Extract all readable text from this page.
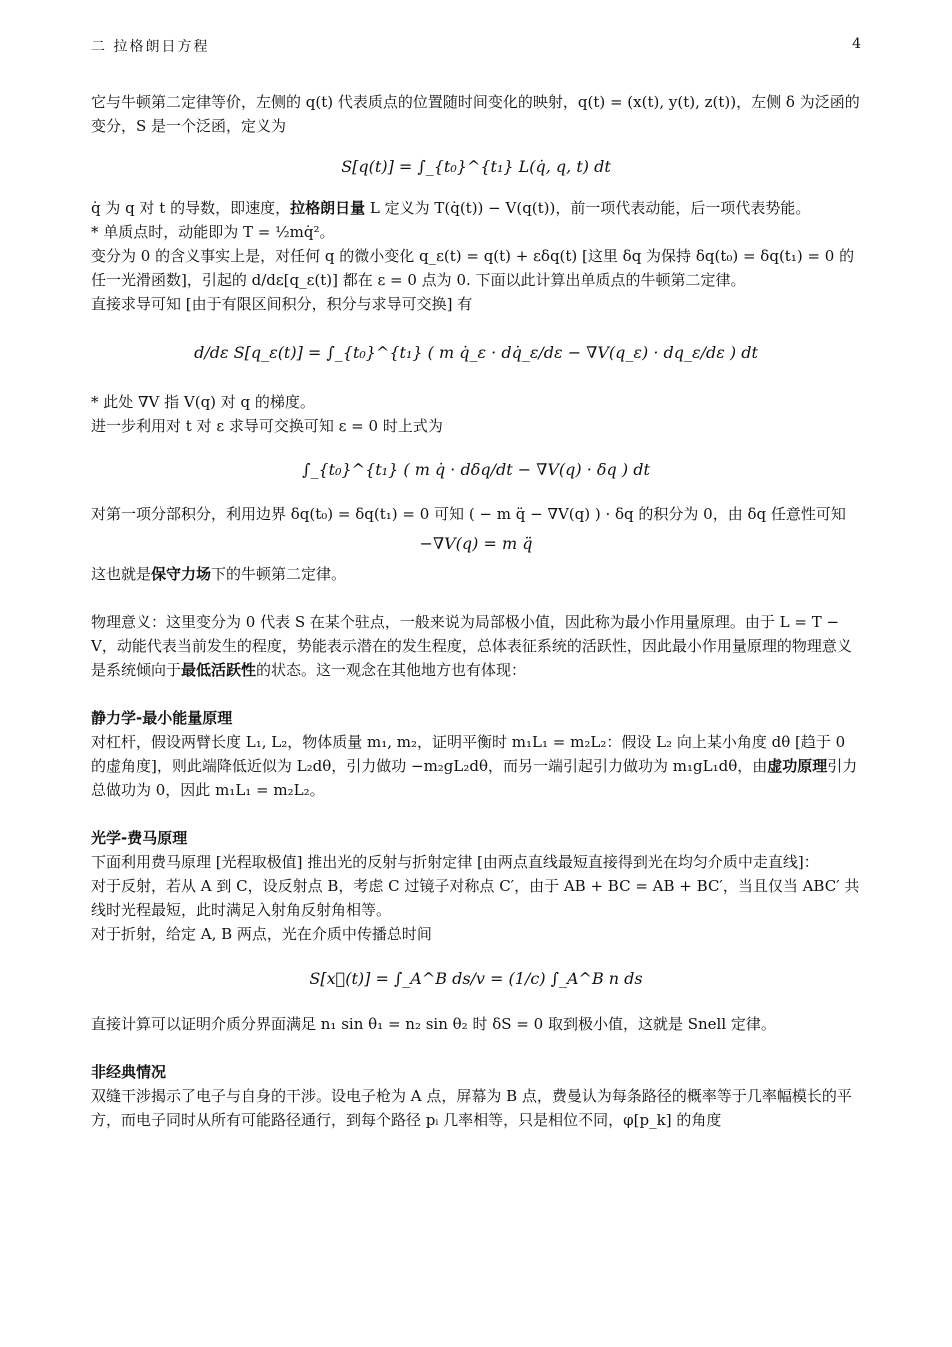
二 拉格朗日方程	4

它与牛顿第二定律等价，左侧的 q(t) 代表质点的位置随时间变化的映射，q(t) = (x(t), y(t), z(t))，左侧 δ 为泛函的变分，S 是一个泛函，定义为

S[q(t)] = ∫_{t₀}^{t₁} L(q̇, q, t) dt

q̇ 为 q 对 t 的导数，即速度，拉格朗日量 L 定义为 T(q̇(t)) − V(q(t))，前一项代表动能，后一项代表势能。

* 单质点时，动能即为 T = ½mq̇²。

变分为 0 的含义事实上是，对任何 q 的微小变化 q_ε(t) = q(t) + εδq(t) [这里 δq 为保持 δq(t₀) = δq(t₁) = 0 的任一光滑函数]，引起的 d/dε[q_ε(t)] 都在 ε = 0 点为 0. 下面以此计算出单质点的牛顿第二定律。

直接求导可知 [由于有限区间积分，积分与求导可交换] 有

d/dε S[q_ε(t)] = ∫_{t₀}^{t₁} ( m q̇_ε · dq̇_ε/dε − ∇V(q_ε) · dq_ε/dε ) dt

* 此处 ∇V 指 V(q) 对 q 的梯度。

进一步利用对 t 对 ε 求导可交换可知 ε = 0 时上式为

∫_{t₀}^{t₁} ( m q̇ · dδq/dt − ∇V(q) · δq ) dt

对第一项分部积分，利用边界 δq(t₀) = δq(t₁) = 0 可知 ( − m q̈ − ∇V(q) ) · δq 的积分为 0，由 δq 任意性可知

−∇V(q) = m q̈

这也就是保守力场下的牛顿第二定律。

物理意义：这里变分为 0 代表 S 在某个驻点，一般来说为局部极小值，因此称为最小作用量原理。由于 L = T − V，动能代表当前发生的程度，势能表示潜在的发生程度，总体表征系统的活跃性，因此最小作用量原理的物理意义是系统倾向于最低活跃性的状态。这一观念在其他地方也有体现：

静力学-最小能量原理

对杠杆，假设两臂长度 L₁, L₂，物体质量 m₁, m₂，证明平衡时 m₁L₁ = m₂L₂：假设 L₂ 向上某小角度 dθ [趋于 0 的虚角度]，则此端降低近似为 L₂dθ，引力做功 −m₂gL₂dθ，而另一端引起引力做功为 m₁gL₁dθ，由虚功原理引力总做功为 0，因此 m₁L₁ = m₂L₂。

光学-费马原理

下面利用费马原理 [光程取极值] 推出光的反射与折射定律 [由两点直线最短直接得到光在均匀介质中走直线]：

对于反射，若从 A 到 C，设反射点 B，考虑 C 过镜子对称点 C′，由于 AB + BC = AB + BC′，当且仅当 ABC′ 共线时光程最短，此时满足入射角反射角相等。

对于折射，给定 A, B 两点，光在介质中传播总时间

S[x⃗(t)] = ∫_A^B ds/v = (1/c) ∫_A^B n ds

直接计算可以证明介质分界面满足 n₁ sin θ₁ = n₂ sin θ₂ 时 δS = 0 取到极小值，这就是 Snell 定律。

非经典情况

双缝干涉揭示了电子与自身的干涉。设电子枪为 A 点，屏幕为 B 点，费曼认为每条路径的概率等于几率幅模长的平方，而电子同时从所有可能路径通行，到每个路径 pᵢ 几率相等，只是相位不同，φ[p_k] 的角度
